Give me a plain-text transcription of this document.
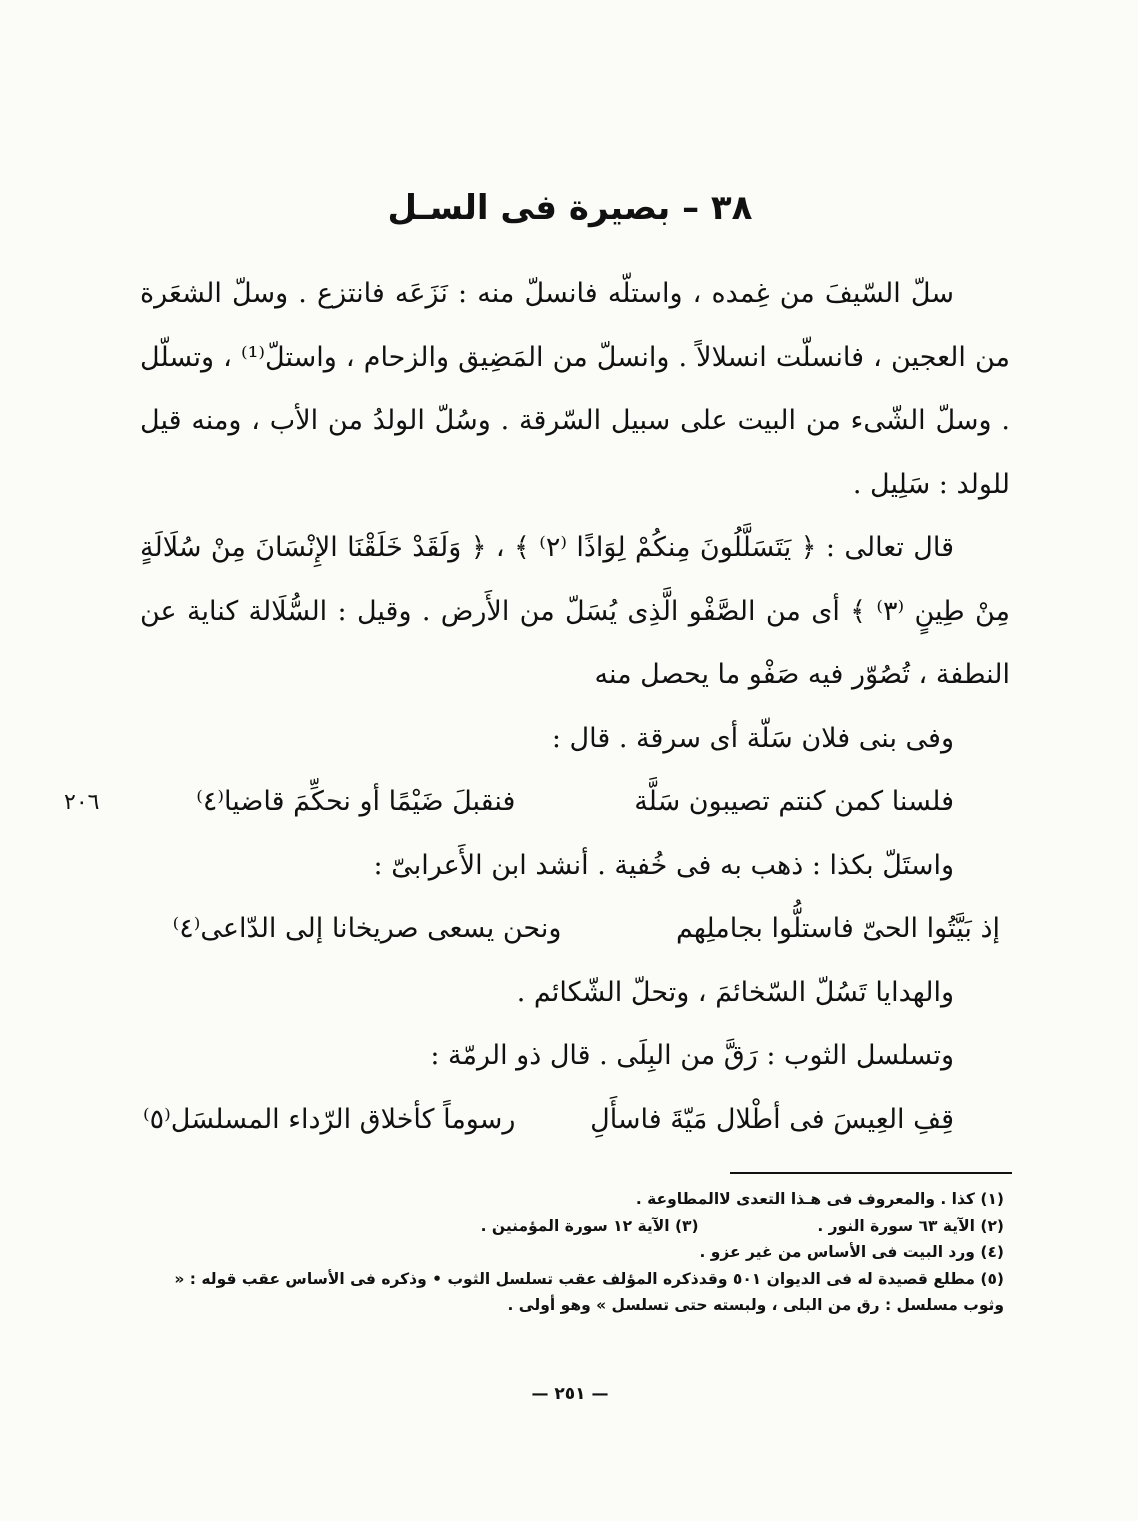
٣٨ – بصيرة فى السـل

سلّ السّيفَ من غِمده ، واستلّه فانسلّ منه : نَزَعَه فانتزع . وسلّ الشعَرة من العجين ، فانسلّت انسلالاً . وانسلّ من المَضِيق والزحام ، واستلّ⁽¹⁾ ، وتسلّل . وسلّ الشّىء من البيت على سبيل السّرقة . وسُلّ الولدُ من الأب ، ومنه قيل للولد : سَلِيل .

قال تعالى : ﴿ يَتَسَلَّلُونَ مِنكُمْ لِوَاذًا ⁽٢⁾ ﴾ ، ﴿ وَلَقَدْ خَلَقْنَا الإِنْسَانَ مِنْ سُلَالَةٍ مِنْ طِينٍ ⁽٣⁾ ﴾ أى من الصَّفْو الَّذِى يُسَلّ من الأَرض . وقيل : السُّلَالة كناية عن النطفة ، تُصُوّر فيه صَفْو ما يحصل منه

وفى بنى فلان سَلّة أى سرقة . قال :

فلسنا كمن كنتم تصيبون سَلَّة فنقبلَ ضَيْمًا أو نحكِّمَ قاضيا⁽٤⁾

واستَلّ بكذا : ذهب به فى خُفية . أنشد ابن الأَعرابىّ :

إذ بَيَّتُوا الحىّ فاستلُّوا بجاملِهم ونحن يسعى صريخانا إلى الدّاعى⁽٤⁾

والهدايا تَسُلّ السّخائمَ ، وتحلّ الشّكائم .

وتسلسل الثوب : رَقَّ من البِلَى . قال ذو الرمّة :

قِفِ العِيسَ فى أطْلال مَيّةَ فاسأَلِ رسوماً كأخلاق الرّداء المسلسَل⁽٥⁾

٢٠٦
(١) كذا . والمعروف فى هـذا التعدى لاالمطاوعة .
(٢) الآية ٦٣ سورة النور . (٣) الآية ١٢ سورة المؤمنين .
(٤) ورد البيت فى الأساس من غير عزو .
(٥) مطلع قصيدة له فى الديوان ٥٠١ وقدذكره المؤلف عقب تسلسل الثوب • وذكره فى الأساس عقب قوله : « وثوب مسلسل : رق من البلى ، ولبسته حتى تسلسل » وهو أولى .
— ٢٥١ —
